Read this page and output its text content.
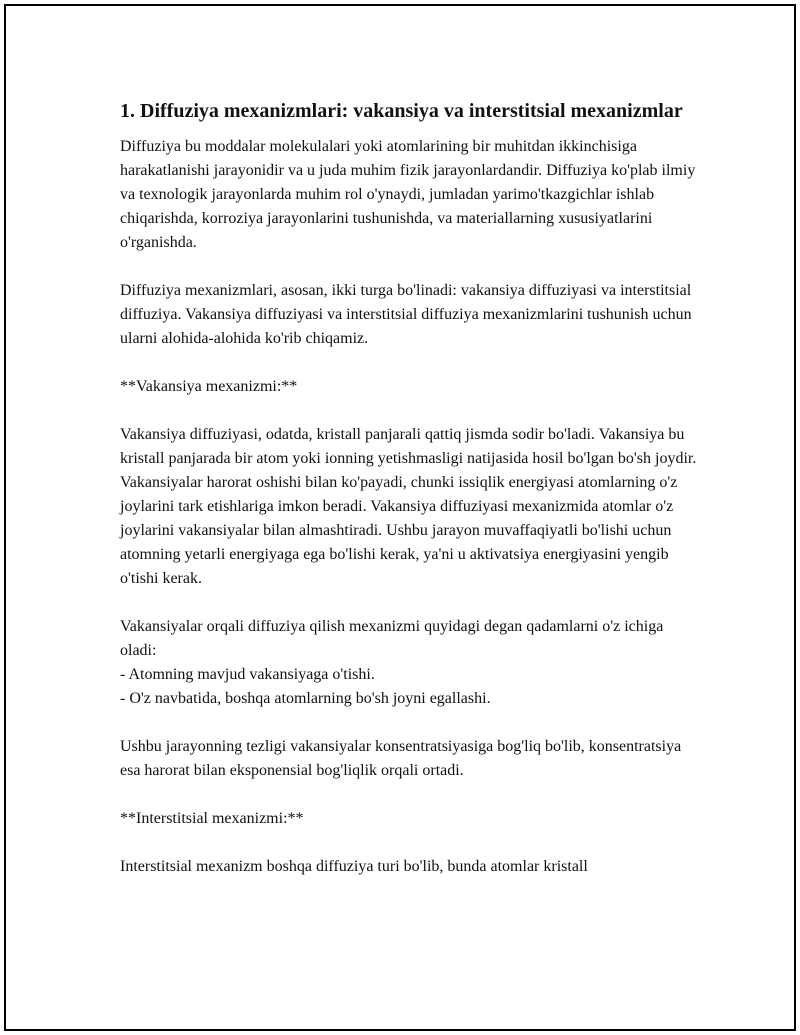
1. Diffuziya mexanizmlari: vakansiya va interstitsial mexanizmlar

Diffuziya bu moddalar molekulalari yoki atomlarining bir muhitdan ikkinchisiga harakatlanishi jarayonidir va u juda muhim fizik jarayonlardandir. Diffuziya ko'plab ilmiy va texnologik jarayonlarda muhim rol o'ynaydi, jumladan yarimo'tkazgichlar ishlab chiqarishda, korroziya jarayonlarini tushunishda, va materiallarning xususiyatlarini o'rganishda.

Diffuziya mexanizmlari, asosan, ikki turga bo'linadi: vakansiya diffuziyasi va interstitsial diffuziya. Vakansiya diffuziyasi va interstitsial diffuziya mexanizmlarini tushunish uchun ularni alohida-alohida ko'rib chiqamiz.

**Vakansiya mexanizmi:**

Vakansiya diffuziyasi, odatda, kristall panjarali qattiq jismda sodir bo'ladi. Vakansiya bu kristall panjarada bir atom yoki ionning yetishmasligi natijasida hosil bo'lgan bo'sh joydir. Vakansiyalar harorat oshishi bilan ko'payadi, chunki issiqlik energiyasi atomlarning o'z joylarini tark etishlariga imkon beradi. Vakansiya diffuziyasi mexanizmida atomlar o'z joylarini vakansiyalar bilan almashtiradi. Ushbu jarayon muvaffaqiyatli bo'lishi uchun atomning yetarli energiyaga ega bo'lishi kerak, ya'ni u aktivatsiya energiyasini yengib o'tishi kerak.

Vakansiyalar orqali diffuziya qilish mexanizmi quyidagi degan qadamlarni o'z ichiga oladi:
- Atomning mavjud vakansiyaga o'tishi.
- O'z navbatida, boshqa atomlarning bo'sh joyni egallashi.

Ushbu jarayonning tezligi vakansiyalar konsentratsiyasiga bog'liq bo'lib, konsentratsiya esa harorat bilan eksponensial bog'liqlik orqali ortadi.

**Interstitsial mexanizmi:**

Interstitsial mexanizm boshqa diffuziya turi bo'lib, bunda atomlar kristall
